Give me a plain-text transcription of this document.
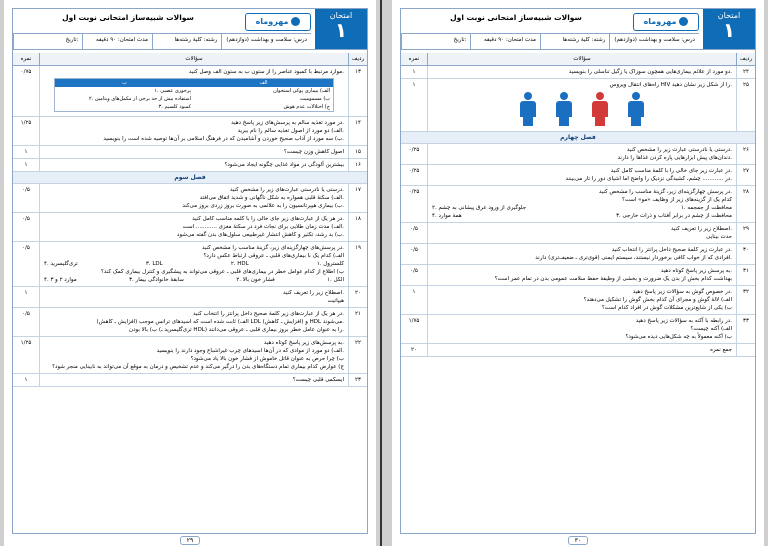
امتحان
۱
مهروماه
سوالات شبیه‌ساز امتحانی نوبت اول
درس: سلامت و بهداشت (دوازدهم)
رشته: کلیهٔ رشته‌ها
مدت امتحان: ۹۰ دقیقه
تاریخ:
ردیف
سؤالات
نمره
۱۳
موارد مرتبط با کمبود عناصر را از ستون ب به ستون الف وصل کنید.
الف
ب
الف) بیماری پوکی استخوان
۱. پرخوری عصبی
ب) مسمومیت
۲. استفاده بیش از حد برخی از مکمل‌های ویتامین
ج) اختلالات عدم هوش
۳. کمبود کلسیم
۰/۷۵
۱۴
در مورد تغذیه سالم به پرسش‌های زیر پاسخ دهید.
الف) دو مورد از اصول تغذیه سالم را نام ببرید.
ب) سه مورد از آداب صحیح خوردن و آشامیدن که در فرهنگ اسلامی بر آن‌ها توصیه شده است را بنویسید.
۱/۲۵
۱۵
اصول کاهش وزن چیست؟
۱
۱۶
بیشترین آلودگی در مواد غذایی چگونه ایجاد می‌شود؟
۱
فصل سوم
۱۷
درستی یا نادرستی عبارت‌های زیر را مشخص کنید.
الف) سکتهٔ قلبی همواره به شکل ناگهانی و شدید اتفاق می‌افتد.
ب) بیماری هیپرتانسیون را به علائمی به صورت بروز زردی بروز می‌کند.
۰/۵
۱۸
در هر یک از عبارت‌های زیر جای خالی را با کلمه مناسب کامل کنید.
الف) مدت زمان طلایی برای نجات فرد در سکتهٔ مغزی ............ است.
ب) بد رشد، تکثیر و کاهش انتشار غیرطبیعی سلول‌های بدن گفته می‌شود.
۰/۵
۱۹
در پرسش‌های چهارگزینه‌ای زیر، گزینهٔ مناسب را مشخص کنید.
الف) کدام یک با بیماری‌های قلبی ـ عروقی ارتباط عکس دارد؟
۱. کلسترول
۲. HDL
۳. LDL
۴. تری‌گلیسرید
ب) اطلاع از کدام عوامل خطر در بیماری‌های قلبی ـ عروقی می‌تواند به پیشگیری و کنترل بیماری کمک کند؟
۱. الکل
۲. فشار خون بالا
۳. سابقهٔ خانوادگی بیمار
۴. موارد ۲ و ۳
۰/۵
۲۰
اصطلاح زیر را تعریف کنید.
هیپاتیت
۱
۲۱
در هر یک از عبارت‌های زیر کلمهٔ صحیح داخل پرانتز را انتخاب کنید.
الف) ثابت شده است که اسیدهای ترانس موجب (افزایش ـ کاهش) LDL و (افزایش ـ کاهش) HDL می‌شوند.
ب) بالا بودن (تری‌گلیسرید ـ HDL) را به عنوان عامل خطر بروز بیماری قلبی ـ عروقی می‌دانند.
۰/۵
۲۲
به پرسش‌های زیر پاسخ کوتاه دهید.
الف) دو مورد از موادی که در آن‌ها اسیدهای چرب غیراشباع وجود دارند را بنویسید.
ب) چرا حرص به عنوان قاتل خاموش از فشار خون بالا یاد می‌شود؟
ج) عوارض کدام بیماری تمام دستگاه‌های بدن را درگیر می‌کند و عدم تشخیص و درمان به موقع آن می‌تواند به نابینایی منجر شود؟
۱/۲۵
۲۳
ایسکمی قلبی چیست؟
۱
۲۹
امتحان
۱
مهروماه
سوالات شبیه‌ساز امتحانی نوبت اول
درس: سلامت و بهداشت (دوازدهم)
رشته: کلیهٔ رشته‌ها
مدت امتحان: ۹۰ دقیقه
تاریخ:
ردیف
سؤالات
نمره
۲۴
دو مورد از علائم بیماری‌هایی همچون سوزاک یا زگیل تناسلی را بنویسید.
۱
۲۵
راه‌های انتقال ویروس HIV را از شکل زیر نشان دهید.
۱
فصل چهارم
۲۶
درستی یا نادرستی عبارت زیر را مشخص کنید.
دندان‌های پیش ابزار‌هایی پاره کردن غذاها را دارند.
۰/۲۵
۲۷
در عبارت زیر جای خالی را با کلمهٔ مناسب کامل کنید.
در ............ چشم، کشیدگی نزدیک را واضح اما اشیای دور را تار می‌بینند.
۰/۲۵
۲۸
در پرسش چهارگزینه‌ای زیر، گزینهٔ مناسب را مشخص کنید.
کدام یک از گزینه‌های زیر از وظایف «مو» است؟
۱. محافظت از جمجمه
۲. جلوگیری از ورود عرق پیشانی به چشم
۳. محافظت از چشم در برابر آفتاب و ذرات خارجی
۴. همهٔ موارد
۰/۲۵
۲۹
اصطلاح زیر را تعریف کنید.
حدت بینایی
۰/۵
۳۰
در عبارت زیر کلمهٔ صحیح داخل پرانتز را انتخاب کنید.
افرادی که از خواب کافی برخوردار نیستند، سیستم ایمنی (قوی‌تری ـ ضعیف‌تری) دارند.
۰/۵
۳۱
به پرسش زیر پاسخ کوتاه دهید.
بهداشت کدام بخش از بدن یک ضرورت و بخشی از وظیفهٔ حفظ سلامت عمومی بدن در تمام عمر است؟
۰/۵
۳۲
در خصوص گوش به سؤالات زیر پاسخ دهید.
الف) لالهٔ گوش و مجرای آن کدام بخش گوش را تشکیل می‌دهند؟
ب) یکی از شایع‌ترین مشکلات گوش در افراد کدام است؟
۱
۳۳
در رابطه با آکنه به سؤالات زیر پاسخ دهید.
الف) آکنه چیست؟
ب) آکنه معمولاً به چه شکل‌هایی دیده می‌شود؟
۱/۷۵
جمع نمره
۲۰
۳۰
